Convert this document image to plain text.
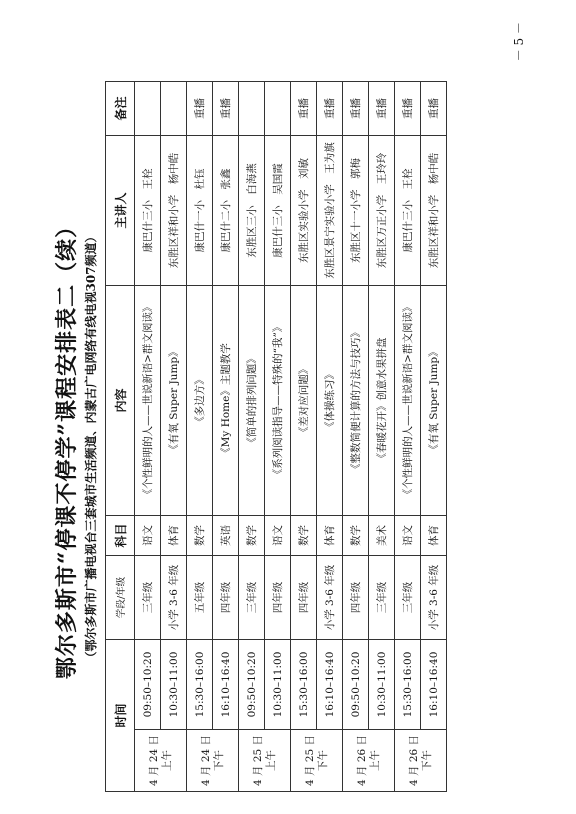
鄂尔多斯市“停课不停学”课程安排表二（续） （鄂尔多斯市广播电视台三套城市生活频道、内蒙古广电网络有线电视307频道）
时间		学段/年级	科目	内容	主讲人	备注

4 月 24 日 上午	09:50–10:20	三年级	语文	《个性鲜明的人——世说新语>群文阅读》	康巴什三小　王栓	
	10:30–11:00	小学 3-6 年级	体育	《有氧 Super Jump》	东胜区祥和小学　杨中皓	

4 月 24 日 下午	15:30–16:00	五年级	数学	《多边方》	康巴什一小　杜钰	重播
	16:10–16:40	四年级	英语	《My Home》主题教学	康巴什二小　张鑫	重播

4 月 25 日 上午	09:50–10:20	三年级	数学	《简单的排列问题》	东胜区三小　白海燕	
	10:30–11:00	四年级	语文	《系列阅读指导——特殊的“我”》	康巴什三小　吴国霞	

4 月 25 日 下午	15:30–16:00	四年级	数学	《差对应问题》	东胜区实验小学　刘敏	重播
	16:10–16:40	小学 3-6 年级	体育	《体操练习》	东胜区景宁实验小学　王为旗	重播

4 月 26 日 上午	09:50–10:20	四年级	数学	《整数简便计算的方法与技巧》	东胜区十一小学　郭梅	重播
	10:30–11:00	三年级	美术	《春暖花开》创意水果拼盘	东胜区万正小学　王玲玲	重播

4 月 26 日 下午	15:30–16:00	三年级	语文	《个性鲜明的人——世说新语>群文阅读》	康巴什三小　王栓	重播
	16:10–16:40	小学 3-6 年级	体育	《有氧 Super Jump》	东胜区祥和小学　杨中皓	重播
－ 5 －
